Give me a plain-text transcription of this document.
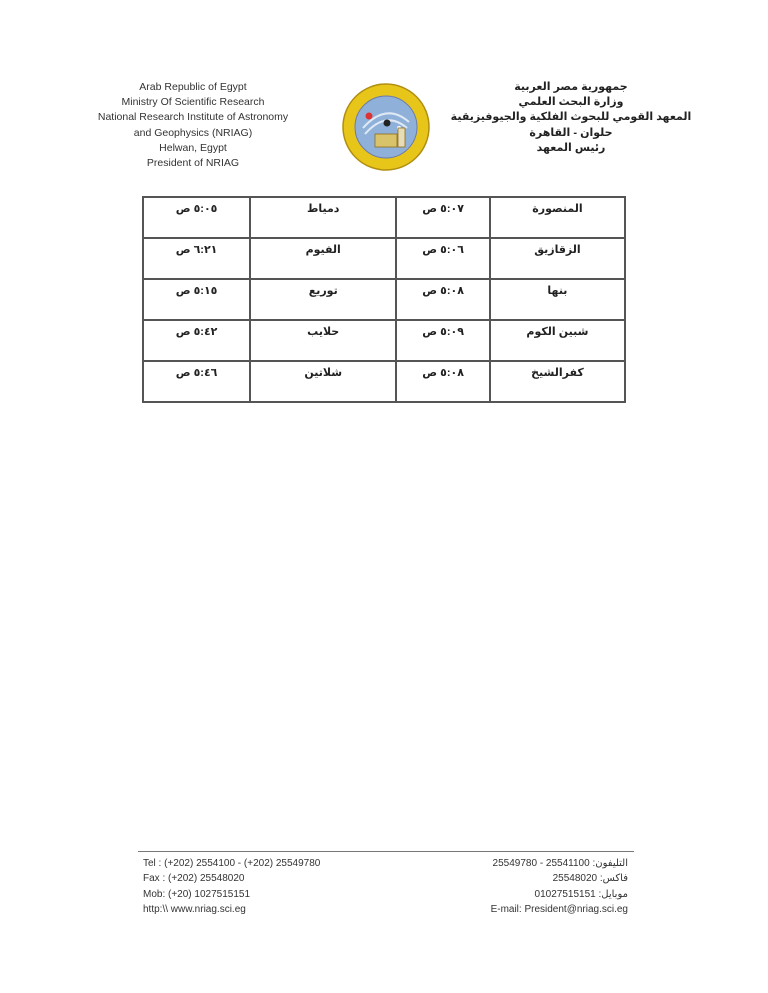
Arab Republic of Egypt
Ministry Of Scientific Research
National Research Institute of Astronomy
and Geophysics (NRIAG)
Helwan, Egypt
President of NRIAG
جمهورية مصر العربية
وزارة البحث العلمي
المعهد القومي للبحوث الفلكية والجيوفيزيقية
حلوان - القاهرة
رئيس المعهد
المنصورة	٥:٠٧ ص	دمياط	٥:٠٥ ص
الزقازيق	٥:٠٦ ص	الفيوم	٦:٢١ ص
بنها	٥:٠٨ ص	توريع	٥:١٥ ص
شبين الكوم	٥:٠٩ ص	حلايب	٥:٤٢ ص
كفرالشيخ	٥:٠٨ ص	شلاتين	٥:٤٦ ص
Tel : (+202) 2554100 - (+202) 25549780
Fax : (+202) 25548020
Mob: (+20) 1027515151
http:\\ www.nriag.sci.eg
25549780 - 25541100 التليفون:
25548020 فاكس:
01027515151 موبايل:
E-mail: President@nriag.sci.eg
